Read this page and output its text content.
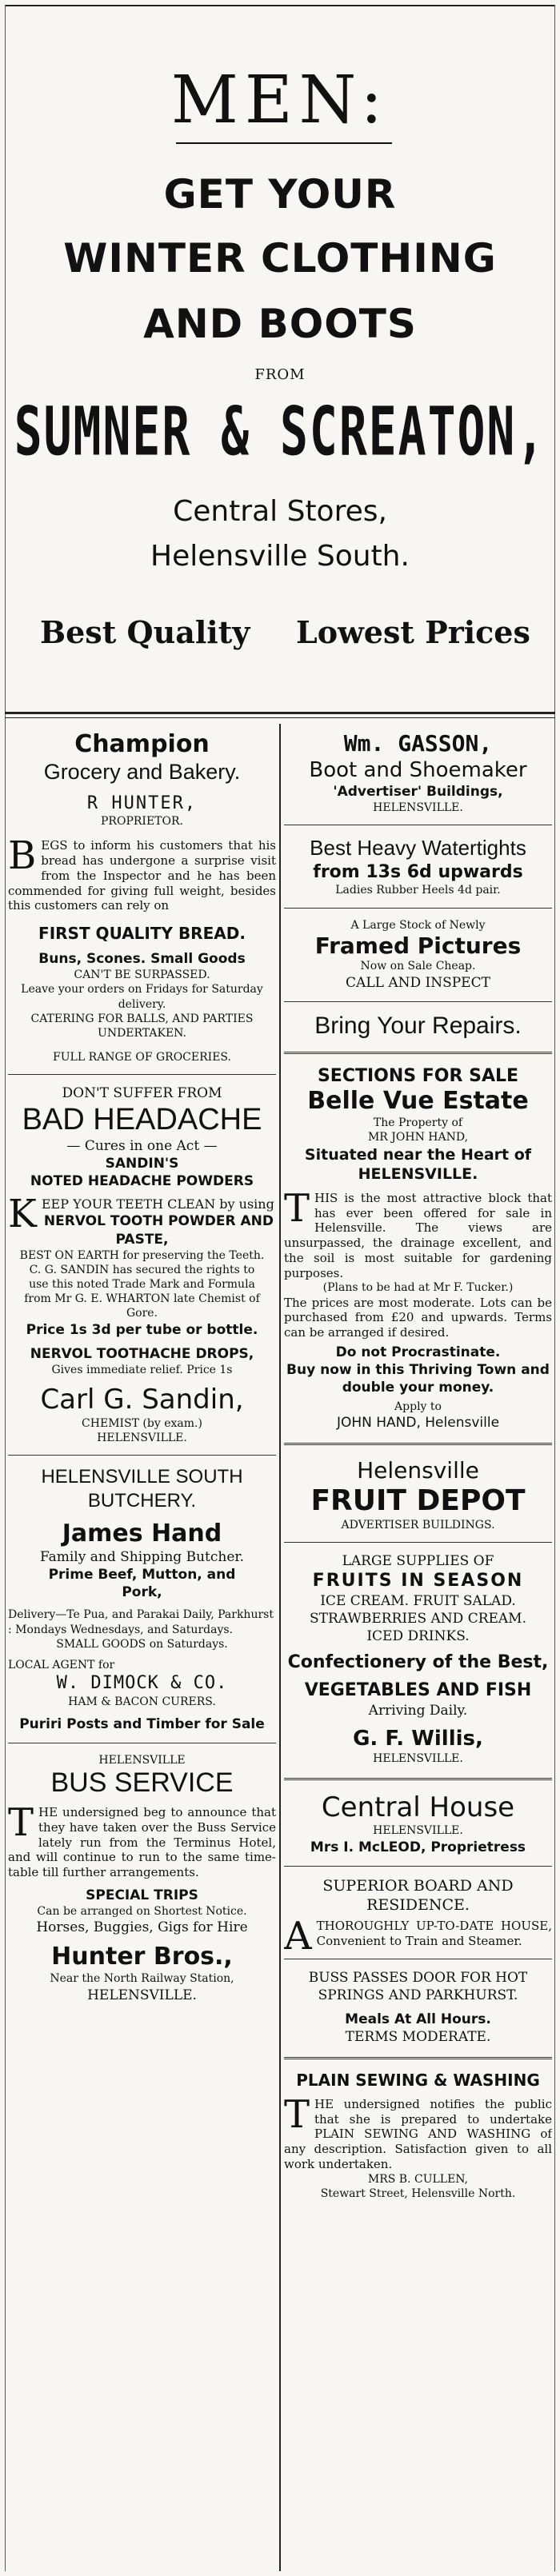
MEN:
GET YOUR
WINTER CLOTHING
AND BOOTS
FROM
SUMNER & SCREATON,
Central Stores,
Helensville South.
Best Quality Lowest Prices
Champion
Grocery and Bakery.
R HUNTER,
PROPRIETOR.
B EGS to inform his customers that his bread has undergone a surprise visit from the Inspector and he has been commended for giving full weight, besides this customers can rely on
FIRST QUALITY BREAD.
Buns, Scones. Small Goods
CAN'T BE SURPASSED.
Leave your orders on Fridays for Saturday delivery.
CATERING FOR BALLS, AND PARTIES UNDERTAKEN.
FULL RANGE OF GROCERIES.
DON'T SUFFER FROM
BAD HEADACHE
— Cures in one Act —
SANDIN'S
NOTED HEADACHE POWDERS
K EEP YOUR TEETH CLEAN by using
NERVOL TOOTH POWDER AND PASTE,
BEST ON EARTH for preserving the Teeth.
C. G. SANDIN has secured the rights to use this noted Trade Mark and Formula from Mr G. E. WHARTON late Chemist of Gore.
Price 1s 3d per tube or bottle.
NERVOL TOOTHACHE DROPS,
Gives immediate relief. Price 1s
Carl G. Sandin,
CHEMIST (by exam.)
HELENSVILLE.
HELENSVILLE SOUTH BUTCHERY.
James Hand
Family and Shipping Butcher.
Prime Beef, Mutton, and Pork,
Delivery—Te Pua, and Parakai Daily, Parkhurst : Mondays Wednesdays, and Saturdays.
SMALL GOODS on Saturdays.
LOCAL AGENT for
W. DIMOCK & CO.
HAM & BACON CURERS.
Puriri Posts and Timber for Sale
HELENSVILLE
BUS SERVICE
T HE undersigned beg to announce that they have taken over the Buss Service lately run from the Terminus Hotel, and will continue to run to the same time-table till further arrangements.
SPECIAL TRIPS
Can be arranged on Shortest Notice.
Horses, Buggies, Gigs for Hire
Hunter Bros.,
Near the North Railway Station,
HELENSVILLE.
Wm. GASSON,
Boot and Shoemaker
'Advertiser' Buildings,
HELENSVILLE.
Best Heavy Watertights
from 13s 6d upwards
Ladies Rubber Heels 4d pair.
A Large Stock of Newly
Framed Pictures
Now on Sale Cheap.
CALL AND INSPECT
Bring Your Repairs.
SECTIONS FOR SALE
Belle Vue Estate
The Property of
MR JOHN HAND,
Situated near the Heart of HELENSVILLE.
T HIS is the most attractive block that has ever been offered for sale in Helensville. The views are unsurpassed, the drainage excellent, and the soil is most suitable for gardening purposes.
(Plans to be had at Mr F. Tucker.)
The prices are most moderate. Lots can be purchased from £20 and upwards. Terms can be arranged if desired.
Do not Procrastinate.
Buy now in this Thriving Town and double your money.
Apply to
JOHN HAND, Helensville
Helensville
FRUIT DEPOT
ADVERTISER BUILDINGS.
LARGE SUPPLIES OF
FRUITS IN SEASON
ICE CREAM. FRUIT SALAD.
STRAWBERRIES AND CREAM.
ICED DRINKS.
Confectionery of the Best,
VEGETABLES AND FISH
Arriving Daily.
G. F. Willis,
HELENSVILLE.
Central House
HELENSVILLE.
Mrs I. McLEOD, Proprietress
SUPERIOR BOARD AND RESIDENCE.
A THOROUGHLY UP-TO-DATE HOUSE, Convenient to Train and Steamer.
BUSS PASSES DOOR FOR HOT SPRINGS AND PARKHURST.
Meals At All Hours.
TERMS MODERATE.
PLAIN SEWING & WASHING
T HE undersigned notifies the public that she is prepared to undertake PLAIN SEWING AND WASHING of any description. Satisfaction given to all work undertaken.
MRS B. CULLEN,
Stewart Street, Helensville North.
